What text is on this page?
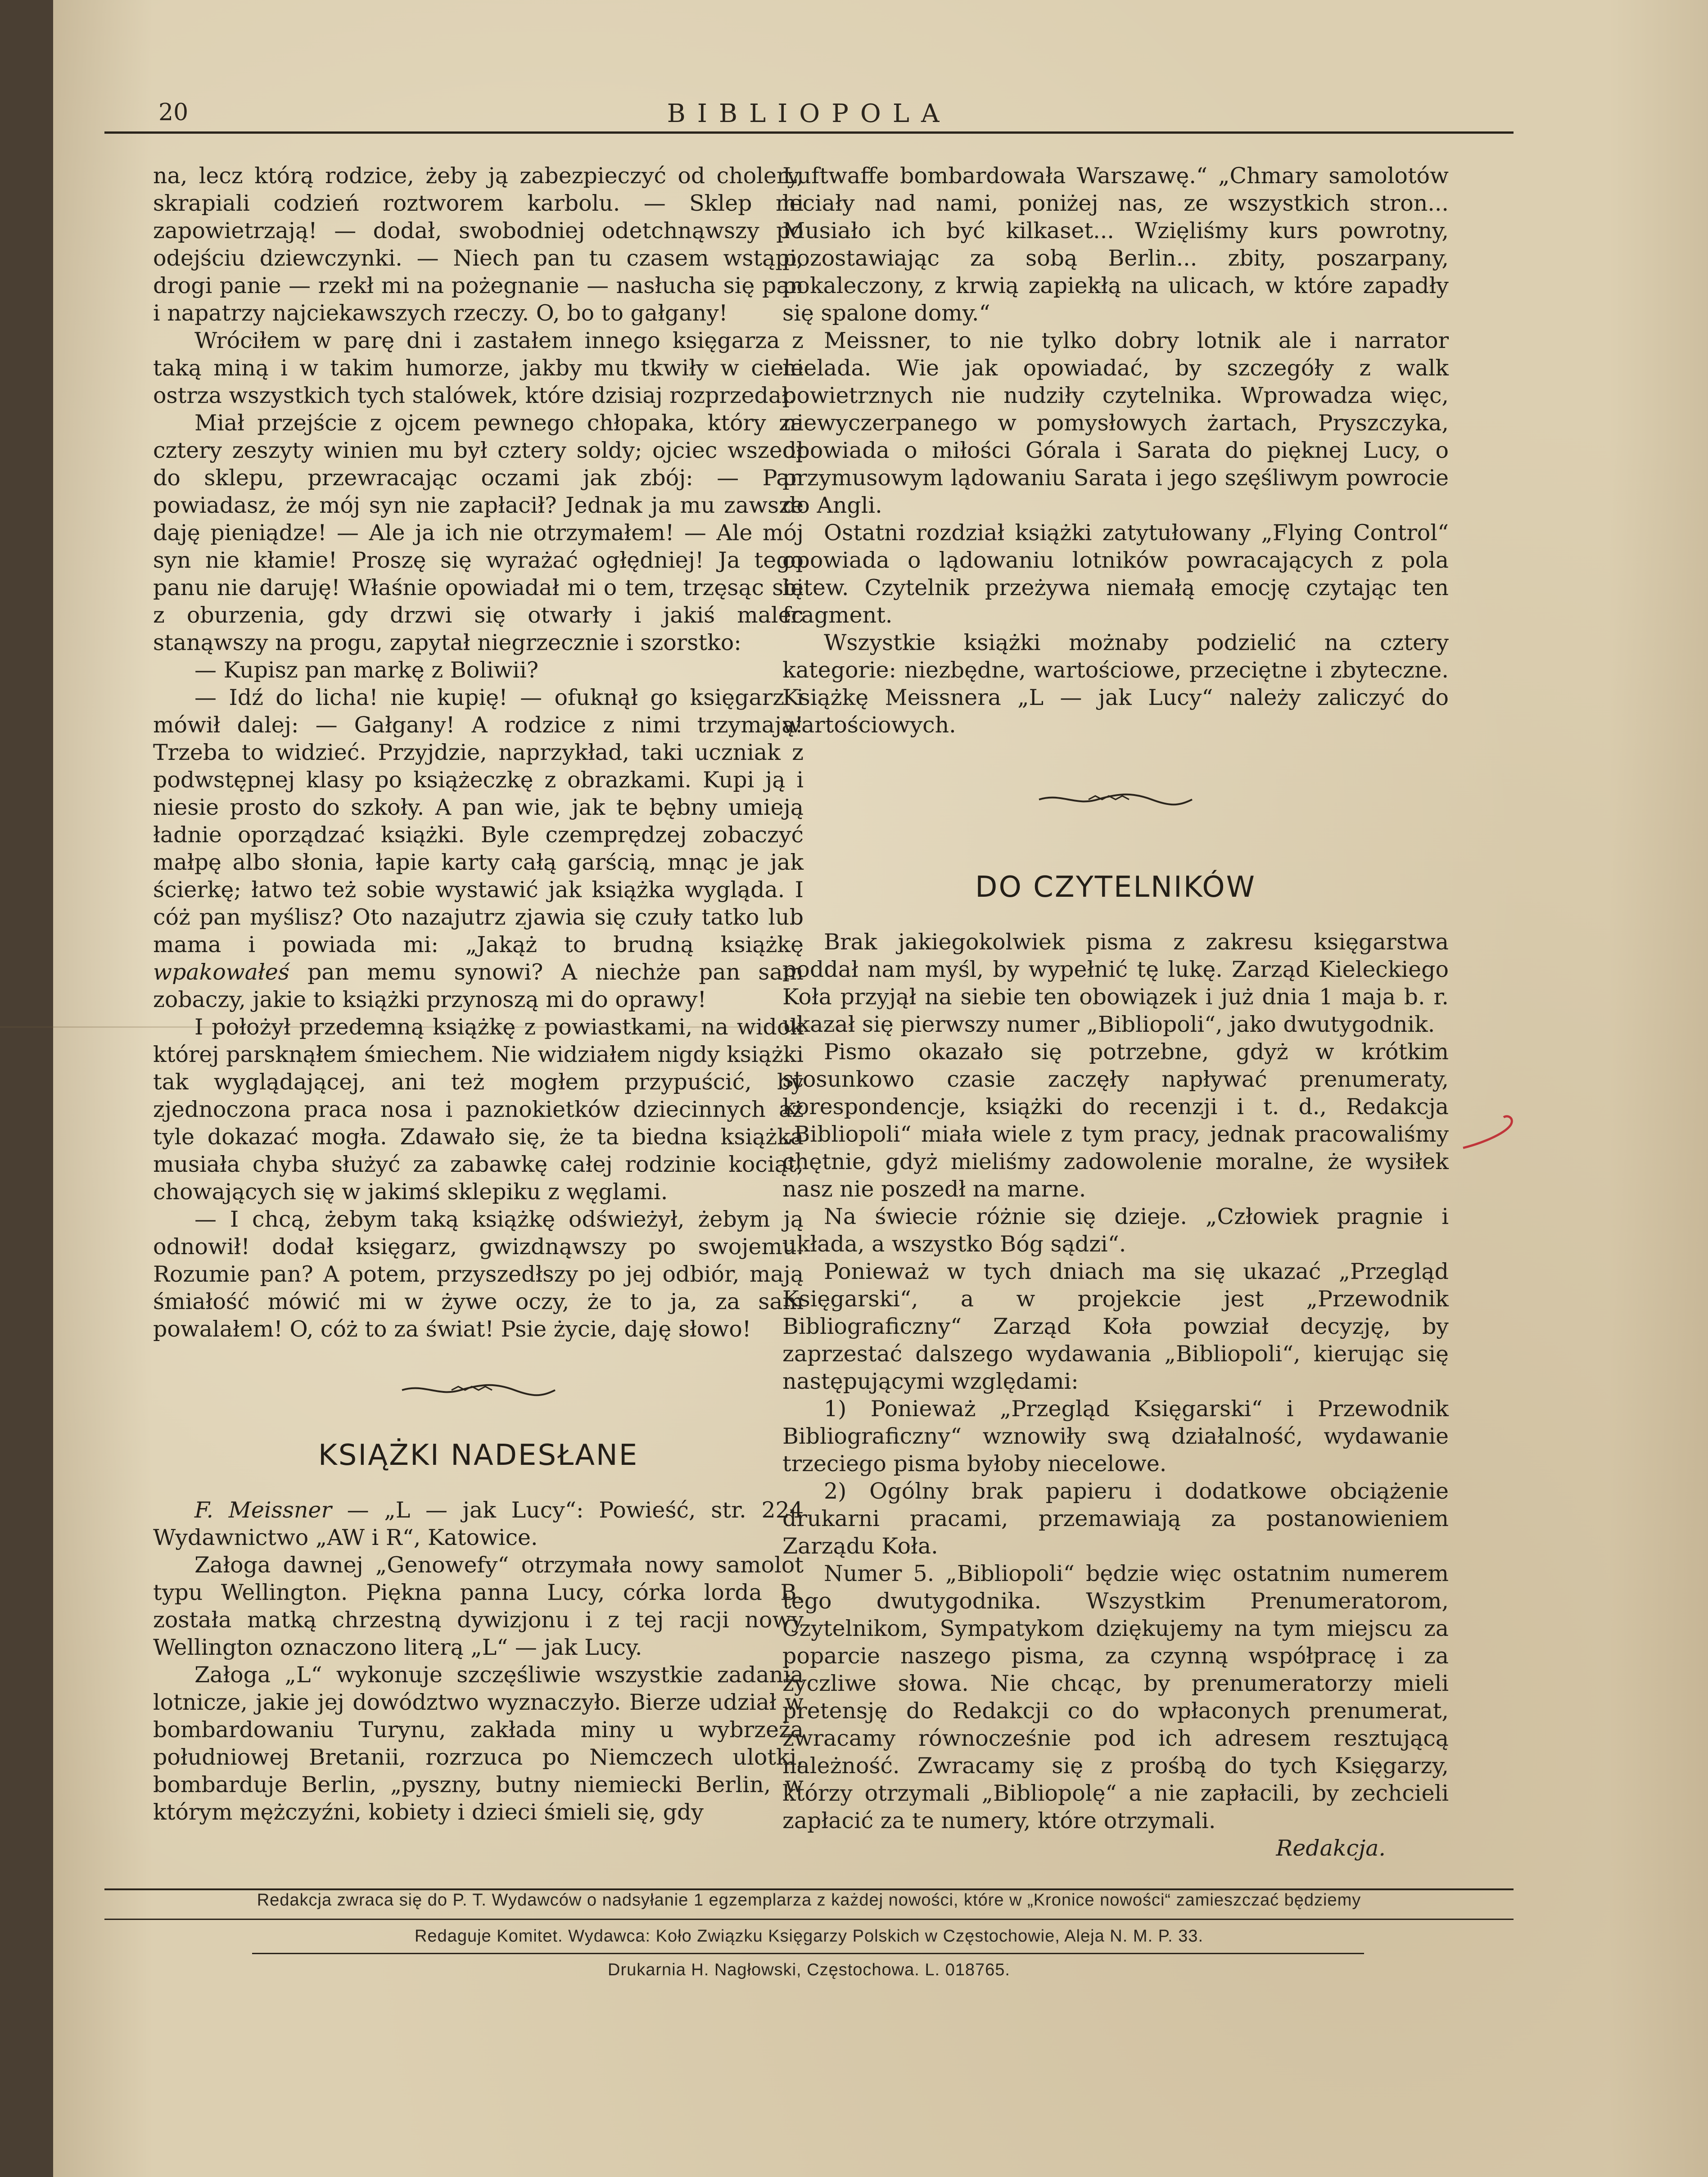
20	BIBLIOPOLA

na, lecz którą rodzice, żeby ją zabezpieczyć od cholery, skrapiali codzień roztworem karbolu. — Sklep mi zapowietrzają! — dodał, swobodniej odetchnąwszy po odejściu dziewczynki. — Niech pan tu czasem wstąpi, drogi panie — rzekł mi na pożegnanie — nasłucha się pan i napatrzy najciekawszych rzeczy. O, bo to gałgany!

Wróciłem w parę dni i zastałem innego księgarza z taką miną i w takim humorze, jakby mu tkwiły w ciele ostrza wszystkich tych stalówek, które dzisiaj rozprzedał.

Miał przejście z ojcem pewnego chłopaka, który za cztery zeszyty winien mu był cztery soldy; ojciec wszedł do sklepu, przewracając oczami jak zbój: — Pan powiadasz, że mój syn nie zapłacił? Jednak ja mu zawsze daję pieniądze! — Ale ja ich nie otrzymałem! — Ale mój syn nie kłamie! Proszę się wyrażać ogłędniej! Ja tego panu nie daruję! Właśnie opowiadał mi o tem, trzęsąc się z oburzenia, gdy drzwi się otwarły i jakiś malec stanąwszy na progu, zapytał niegrzecznie i szorstko:

— Kupisz pan markę z Boliwii?

— Idź do licha! nie kupię! — ofuknął go księgarz i mówił dalej: — Gałgany! A rodzice z nimi trzymają! Trzeba to widzieć. Przyjdzie, naprzykład, taki uczniak z podwstępnej klasy po książeczkę z obrazkami. Kupi ją i niesie prosto do szkoły. A pan wie, jak te bębny umieją ładnie oporządzać książki. Byle czemprędzej zobaczyć małpę albo słonia, łapie karty całą garścią, mnąc je jak ścierkę; łatwo też sobie wystawić jak książka wygląda. I cóż pan myślisz? Oto nazajutrz zjawia się czuły tatko lub mama i powiada mi: „Jakąż to brudną książkę wpakowałeś pan memu synowi? A niechże pan sam zobaczy, jakie to książki przynoszą mi do oprawy!

I położył przedemną książkę z powiastkami, na widok której parsknąłem śmiechem. Nie widziałem nigdy książki tak wyglądającej, ani też mogłem przypuścić, by zjednoczona praca nosa i paznokietków dziecinnych aż tyle dokazać mogła. Zdawało się, że ta biedna książka musiała chyba służyć za zabawkę całej rodzinie kociąt, chowających się w jakimś sklepiku z węglami.

— I chcą, żebym taką książkę odświeżył, żebym ją odnowił! dodał księgarz, gwizdnąwszy po swojemu. Rozumie pan? A potem, przyszedłszy po jej odbiór, mają śmiałość mówić mi w żywe oczy, że to ja, za sam powalałem! O, cóż to za świat! Psie życie, daję słowo!

KSIĄŻKI NADESŁANE

F. Meissner — „L — jak Lucy“: Powieść, str. 224 Wydawnictwo „AW i R“, Katowice.

Załoga dawnej „Genowefy“ otrzymała nowy samolot typu Wellington. Piękna panna Lucy, córka lorda B. została matką chrzestną dywizjonu i z tej racji nowy Wellington oznaczono literą „L“ — jak Lucy.

Załoga „L“ wykonuje szczęśliwie wszystkie zadania lotnicze, jakie jej dowództwo wyznaczyło. Bierze udział w bombardowaniu Turynu, zakłada miny u wybrzeża południowej Bretanii, rozrzuca po Niemczech ulotki, bombarduje Berlin, „pyszny, butny niemiecki Berlin, w którym mężczyźni, kobiety i dzieci śmieli się, gdy

Luftwaffe bombardowała Warszawę.“ „Chmary samolotów leciały nad nami, poniżej nas, ze wszystkich stron... Musiało ich być kilkaset... Wzięliśmy kurs powrotny, pozostawiając za sobą Berlin... zbity, poszarpany, pokaleczony, z krwią zapiekłą na ulicach, w które zapadły się spalone domy.“

Meissner, to nie tylko dobry lotnik ale i narrator nielada. Wie jak opowiadać, by szczegóły z walk powietrznych nie nudziły czytelnika. Wprowadza więc, niewyczerpanego w pomysłowych żartach, Pryszczyka, opowiada o miłości Górala i Sarata do pięknej Lucy, o przymusowym lądowaniu Sarata i jego szęśliwym powrocie do Angli.

Ostatni rozdział książki zatytułowany „Flying Control“ opowiada o lądowaniu lotników powracających z pola bitew. Czytelnik przeżywa niemałą emocję czytając ten fragment.

Wszystkie książki możnaby podzielić na cztery kategorie: niezbędne, wartościowe, przeciętne i zbyteczne. Książkę Meissnera „L — jak Lucy“ należy zaliczyć do wartościowych.

DO CZYTELNIKÓW

Brak jakiegokolwiek pisma z zakresu księgarstwa poddał nam myśl, by wypełnić tę lukę. Zarząd Kieleckiego Koła przyjął na siebie ten obowiązek i już dnia 1 maja b. r. ukazał się pierwszy numer „Bibliopoli“, jako dwutygodnik.

Pismo okazało się potrzebne, gdyż w krótkim stosunkowo czasie zaczęły napływać prenumeraty, korespondencje, książki do recenzji i t. d., Redakcja „Bibliopoli“ miała wiele z tym pracy, jednak pracowaliśmy chętnie, gdyż mieliśmy zadowolenie moralne, że wysiłek nasz nie poszedł na marne.

Na świecie różnie się dzieje. „Człowiek pragnie i układa, a wszystko Bóg sądzi“.

Ponieważ w tych dniach ma się ukazać „Przegląd Księgarski“, a w projekcie jest „Przewodnik Bibliograficzny“ Zarząd Koła powział decyzję, by zaprzestać dalszego wydawania „Bibliopoli“, kierując się następującymi względami:

1) Ponieważ „Przegląd Księgarski“ i Przewodnik Bibliograficzny“ wznowiły swą działalność, wydawanie trzeciego pisma byłoby niecelowe.

2) Ogólny brak papieru i dodatkowe obciążenie drukarni pracami, przemawiają za postanowieniem Zarządu Koła.

Numer 5. „Bibliopoli“ będzie więc ostatnim numerem tego dwutygodnika. Wszystkim Prenumeratorom, Czytelnikom, Sympatykom dziękujemy na tym miejscu za poparcie naszego pisma, za czynną współpracę i za życzliwe słowa. Nie chcąc, by prenumeratorzy mieli pretensję do Redakcji co do wpłaconych prenumerat, zwracamy równocześnie pod ich adresem resztującą należność. Zwracamy się z prośbą do tych Księgarzy, którzy otrzymali „Bibliopolę“ a nie zapłacili, by zechcieli zapłacić za te numery, które otrzymali.

Redakcja.

Redakcja zwraca się do P. T. Wydawców o nadsyłanie 1 egzemplarza z każdej nowości, które w „Kronice nowości“ zamieszczać będziemy
Redaguje Komitet. Wydawca: Koło Związku Księgarzy Polskich w Częstochowie, Aleja N. M. P. 33.
Drukarnia H. Nagłowski, Częstochowa. L. 018765.
